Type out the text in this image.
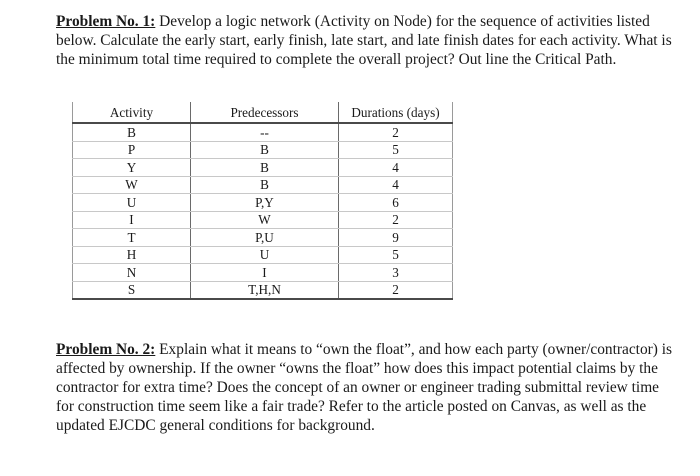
Problem No. 1: Develop a logic network (Activity on Node) for the sequence of activities listed below. Calculate the early start, early finish, late start, and late finish dates for each activity. What is the minimum total time required to complete the overall project? Out line the Critical Path.
Activity	Predecessors	Durations (days)
B	--	2
P	B	5
Y	B	4
W	B	4
U	P,Y	6
I	W	2
T	P,U	9
H	U	5
N	I	3
S	T,H,N	2
Problem No. 2: Explain what it means to “own the float”, and how each party (owner/contractor) is affected by ownership. If the owner “owns the float” how does this impact potential claims by the contractor for extra time? Does the concept of an owner or engineer trading submittal review time for construction time seem like a fair trade? Refer to the article posted on Canvas, as well as the updated EJCDC general conditions for background.
